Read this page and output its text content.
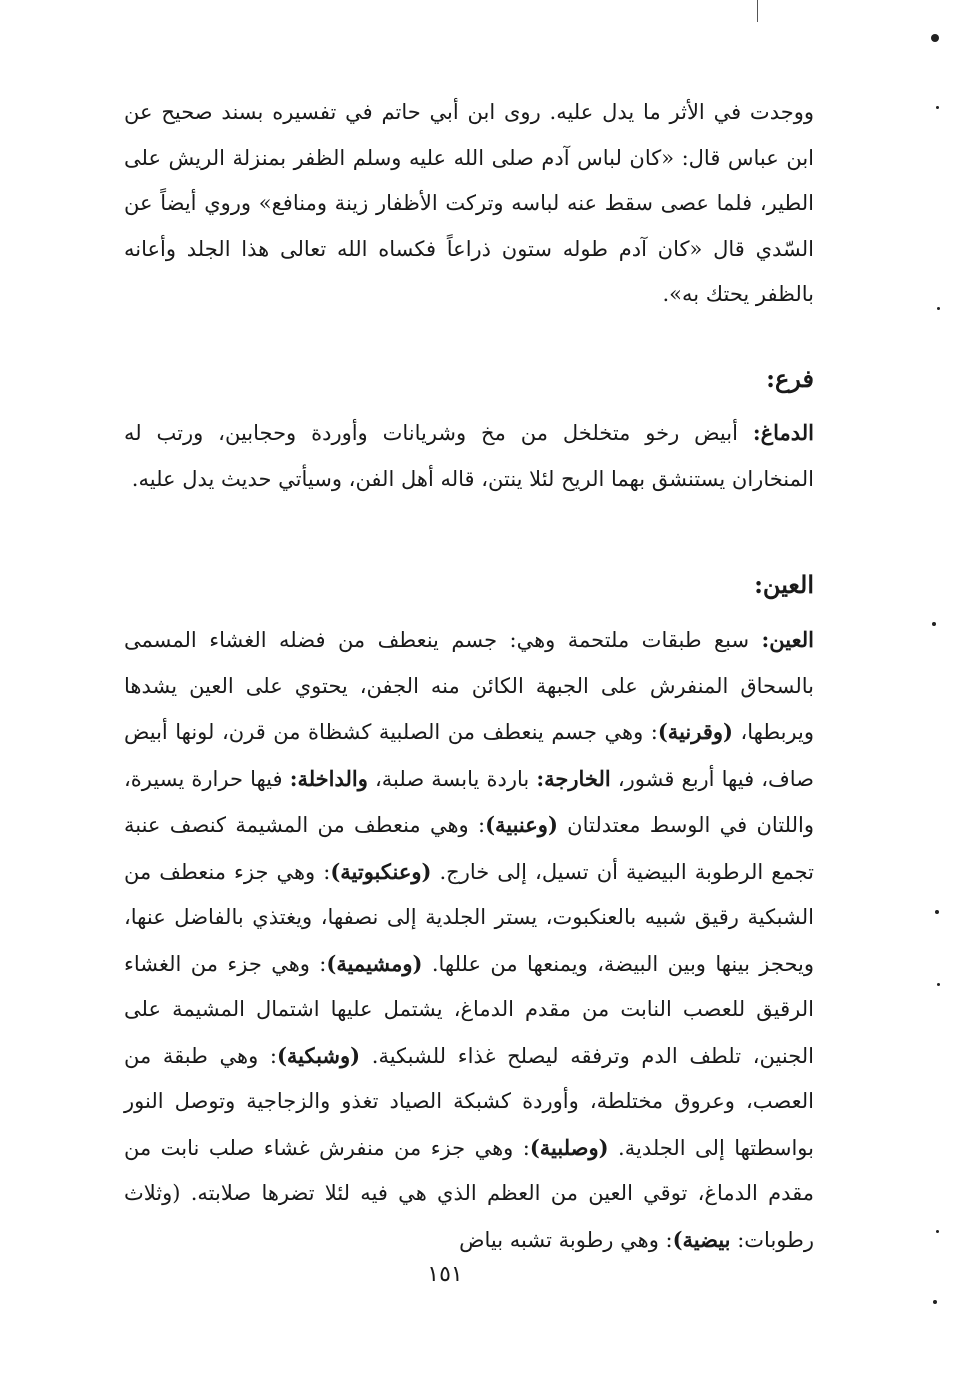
ووجدت في الأثر ما يدل عليه. روى ابن أبي حاتم في تفسيره بسند صحيح عن ابن عباس قال: «كان لباس آدم صلى الله عليه وسلم الظفر بمنزلة الريش على الطير، فلما عصى سقط عنه لباسه وتركت الأظفار زينة ومنافع» وروي أيضاً عن السّدي قال «كان آدم طوله ستون ذراعاً فكساه الله تعالى هذا الجلد وأعانه بالظفر يحتك به».

فرع:

الدماغ: أبيض رخو متخلخل من مخ وشريانات وأوردة وحجابين، ورتب له المنخاران يستنشق بهما الريح لئلا ينتن، قاله أهل الفن، وسيأتي حديث يدل عليه.

العين:

العين: سبع طبقات ملتحمة وهي: جسم ينعطف من فضله الغشاء المسمى بالسحاق المنفرش على الجبهة الكائن منه الجفن، يحتوي على العين يشدها ويربطها، (وقرنية): وهي جسم ينعطف من الصلبية كشظاة من قرن، لونها أبيض صاف، فيها أربع قشور، الخارجة: باردة يابسة صلبة، والداخلة: فيها حرارة يسيرة، واللتان في الوسط معتدلتان (وعنبية): وهي منعطف من المشيمة كنصف عنبة تجمع الرطوبة البيضية أن تسيل، إلى خارج. (وعنكبوتية): وهي جزء منعطف من الشبكية رقيق شبيه بالعنكبوت، يستر الجلدية إلى نصفها، ويغتذي بالفاضل عنها، ويحجز بينها وبين البيضة، ويمنعها من عللها. (ومشيمية): وهي جزء من الغشاء الرقيق للعصب النابت من مقدم الدماغ، يشتمل عليها اشتمال المشيمة على الجنين، تلطف الدم وترفقه ليصلح غذاء للشبكية. (وشبكية): وهي طبقة من العصب، وعروق مختلطة، وأوردة كشبكة الصياد تغذو والزجاجية وتوصل النور بواسطتها إلى الجلدية. (وصلبية): وهي جزء من منفرش غشاء صلب نابت من مقدم الدماغ، توقي العين من العظم الذي هي فيه لئلا تضرها صلابته. (وثلاث رطوبات: بيضية): وهي رطوبة تشبه بياض

١٥١
